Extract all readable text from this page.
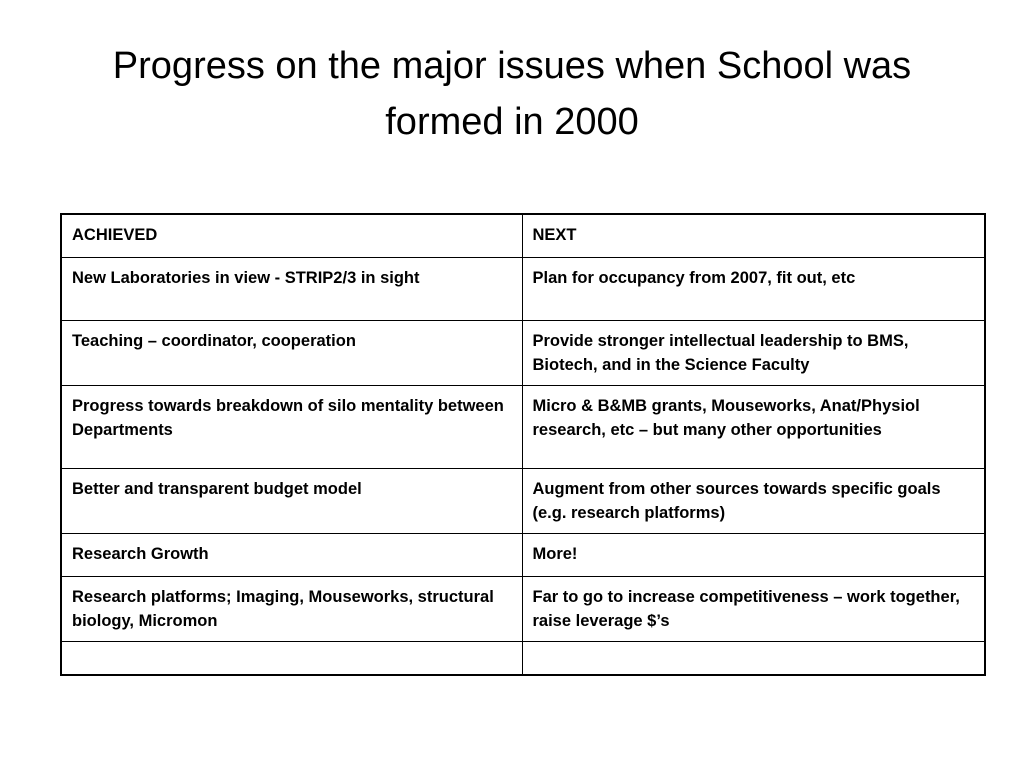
Progress on the major issues when School was
formed in 2000
ACHIEVED	NEXT
New Laboratories in view - STRIP2/3 in sight	Plan for occupancy from 2007, fit out, etc
Teaching – coordinator, cooperation	Provide stronger intellectual leadership to BMS, Biotech, and in the Science Faculty
Progress towards breakdown of silo mentality between Departments	Micro & B&MB grants, Mouseworks, Anat/Physiol research, etc – but many other opportunities
Better and transparent budget model	Augment from other sources towards specific goals (e.g. research platforms)
Research Growth	More!
Research platforms; Imaging, Mouseworks, structural biology, Micromon	Far to go to increase competitiveness – work together, raise leverage $’s
